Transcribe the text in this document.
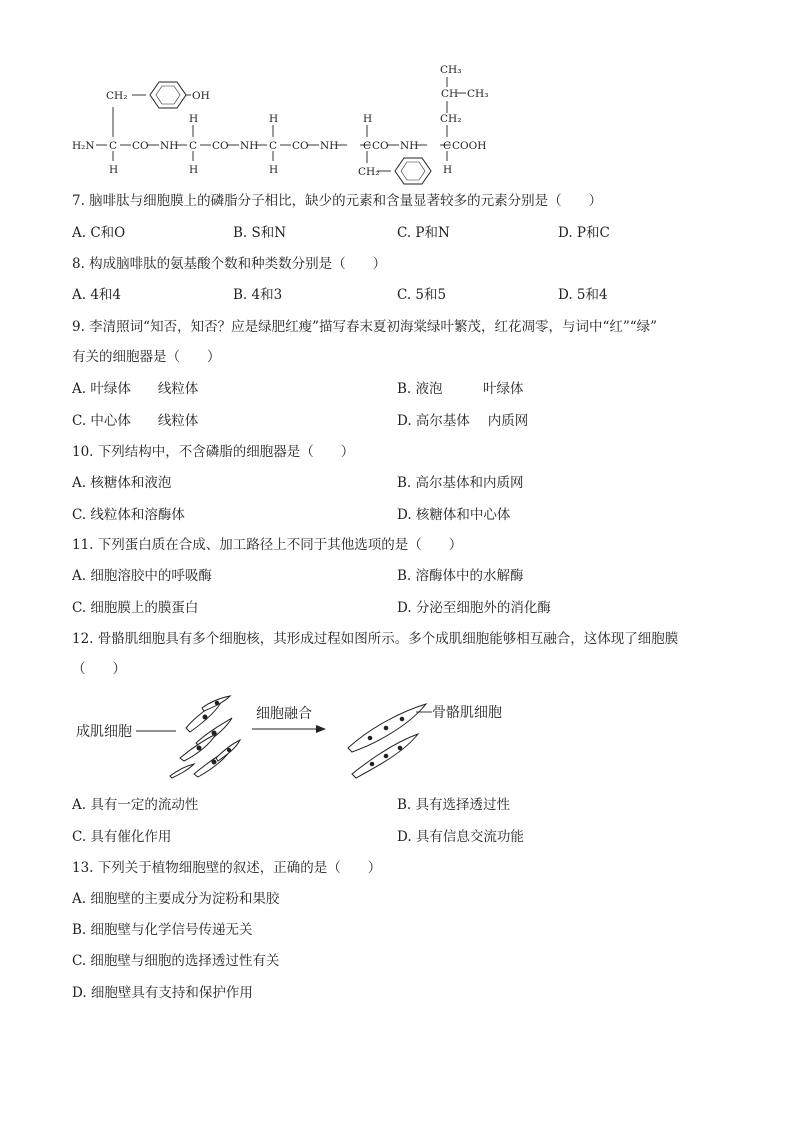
H₂N C CO NH C CO NH C CO NH C CO NH C COOH
H	H	H
H	H	H	H
CH₂	OH
CH₂
CH₂
CH CH₃
CH₃
7. 脑啡肽与细胞膜上的磷脂分子相比，缺少的元素和含量显著较多的元素分别是（　　）
A. C和O	B. S和N	C. P和N	D. P和C
8. 构成脑啡肽的氨基酸个数和种类数分别是（　　）
A. 4和4	B. 4和3	C. 5和5	D. 5和4
9. 李清照词“知否，知否？应是绿肥红瘦”描写春末夏初海棠绿叶繁茂，红花凋零，与词中“红”“绿”
有关的细胞器是（　　）
A. 叶绿体　　线粒体	B. 液泡　　　叶绿体
C. 中心体　　线粒体	D. 高尔基体　 内质网
10. 下列结构中，不含磷脂的细胞器是（　　）
A. 核糖体和液泡	B. 高尔基体和内质网
C. 线粒体和溶酶体	D. 核糖体和中心体
11. 下列蛋白质在合成、加工路径上不同于其他选项的是（　　）
A. 细胞溶胶中的呼吸酶	B. 溶酶体中的水解酶
C. 细胞膜上的膜蛋白	D. 分泌至细胞外的消化酶
12. 骨骼肌细胞具有多个细胞核，其形成过程如图所示。多个成肌细胞能够相互融合，这体现了细胞膜
（　　）
成肌细胞
细胞融合	骨骼肌细胞
A. 具有一定的流动性	B. 具有选择透过性
C. 具有催化作用	D. 具有信息交流功能
13. 下列关于植物细胞壁的叙述，正确的是（　　）
A. 细胞壁的主要成分为淀粉和果胶
B. 细胞壁与化学信号传递无关
C. 细胞壁与细胞的选择透过性有关
D. 细胞壁具有支持和保护作用
